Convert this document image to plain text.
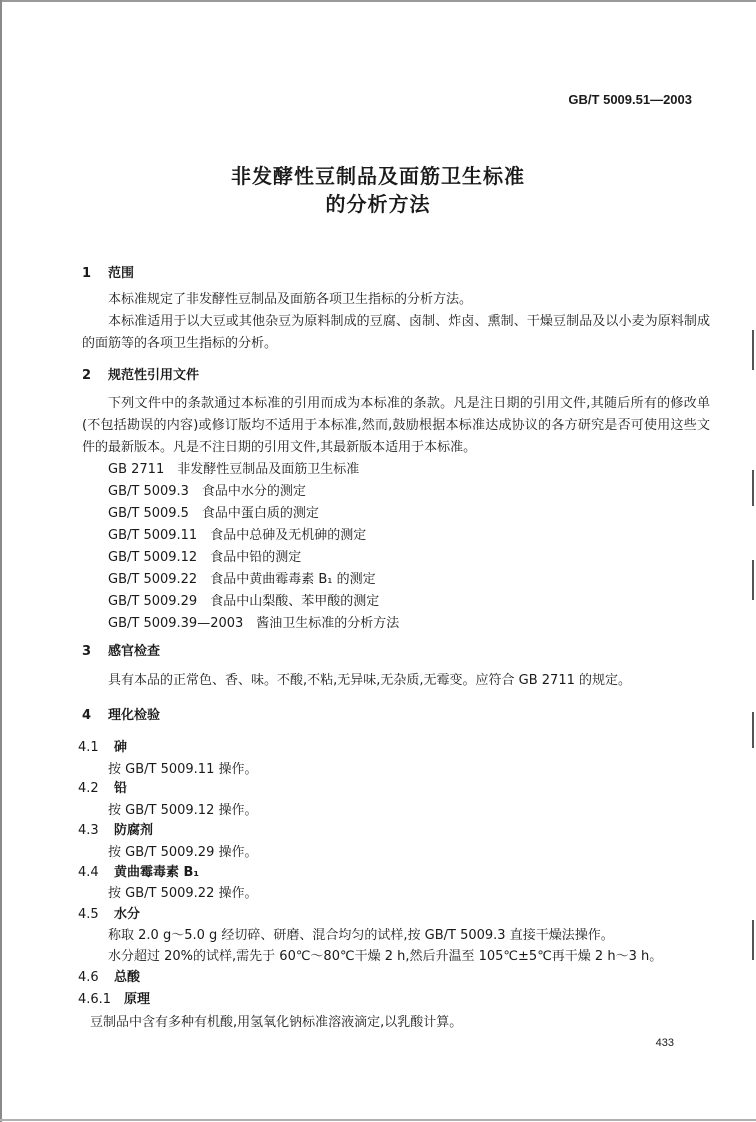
GB/T 5009.51—2003
非发酵性豆制品及面筋卫生标准
的分析方法
1 范围
本标准规定了非发酵性豆制品及面筋各项卫生指标的分析方法。
本标准适用于以大豆或其他杂豆为原料制成的豆腐、卤制、炸卤、熏制、干燥豆制品及以小麦为原料制成的面筋等的各项卫生指标的分析。
2 规范性引用文件
下列文件中的条款通过本标准的引用而成为本标准的条款。凡是注日期的引用文件,其随后所有的修改单(不包括勘误的内容)或修订版均不适用于本标准,然而,鼓励根据本标准达成协议的各方研究是否可使用这些文件的最新版本。凡是不注日期的引用文件,其最新版本适用于本标准。
GB 2711　非发酵性豆制品及面筋卫生标准
GB/T 5009.3　食品中水分的测定
GB/T 5009.5　食品中蛋白质的测定
GB/T 5009.11　食品中总砷及无机砷的测定
GB/T 5009.12　食品中铅的测定
GB/T 5009.22　食品中黄曲霉毒素 B₁ 的测定
GB/T 5009.29　食品中山梨酸、苯甲酸的测定
GB/T 5009.39—2003　酱油卫生标准的分析方法
3 感官检查
具有本品的正常色、香、味。不酸,不粘,无异味,无杂质,无霉变。应符合 GB 2711 的规定。
4 理化检验
4.1 砷
按 GB/T 5009.11 操作。
4.2 铅
按 GB/T 5009.12 操作。
4.3 防腐剂
按 GB/T 5009.29 操作。
4.4 黄曲霉毒素 B₁
按 GB/T 5009.22 操作。
4.5 水分
称取 2.0 g～5.0 g 经切碎、研磨、混合均匀的试样,按 GB/T 5009.3 直接干燥法操作。
水分超过 20%的试样,需先于 60℃～80℃干燥 2 h,然后升温至 105℃±5℃再干燥 2 h～3 h。
4.6 总酸
4.6.1 原理
豆制品中含有多种有机酸,用氢氧化钠标准溶液滴定,以乳酸计算。
433
